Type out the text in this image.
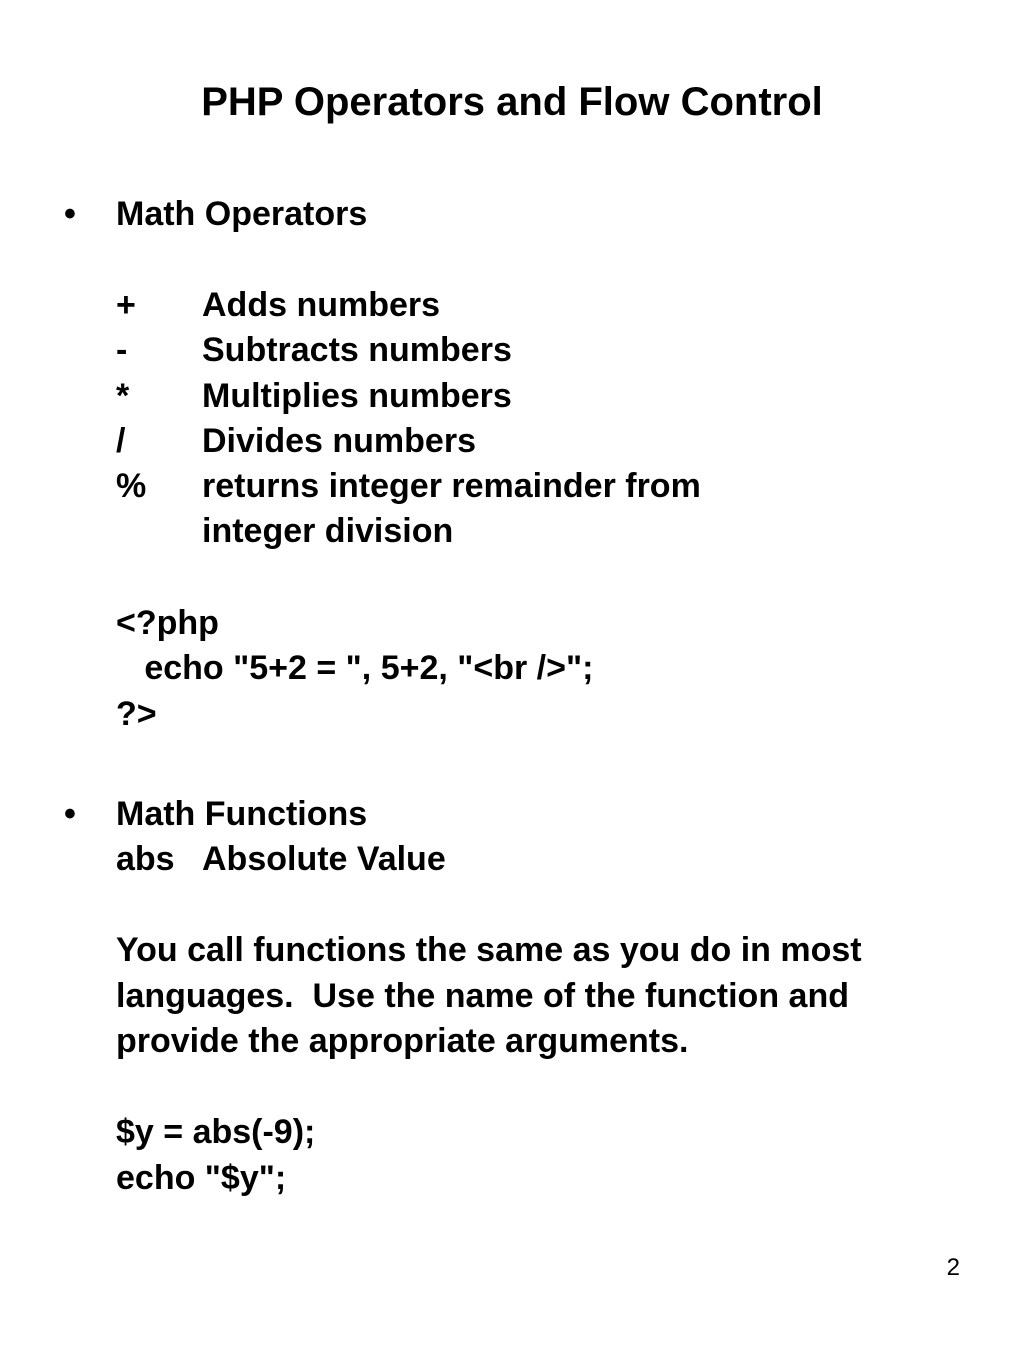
PHP Operators and Flow Control
• Math Operators
+ Adds numbers
- Subtracts numbers
* Multiplies numbers
/ Divides numbers
% returns integer remainder from
integer division
<?php
echo "5+2 = ", 5+2, "<br />";
?>
• Math Functions
abs Absolute Value
You call functions the same as you do in most
languages.  Use the name of the function and
provide the appropriate arguments.
$y = abs(-9);
echo "$y";
2
